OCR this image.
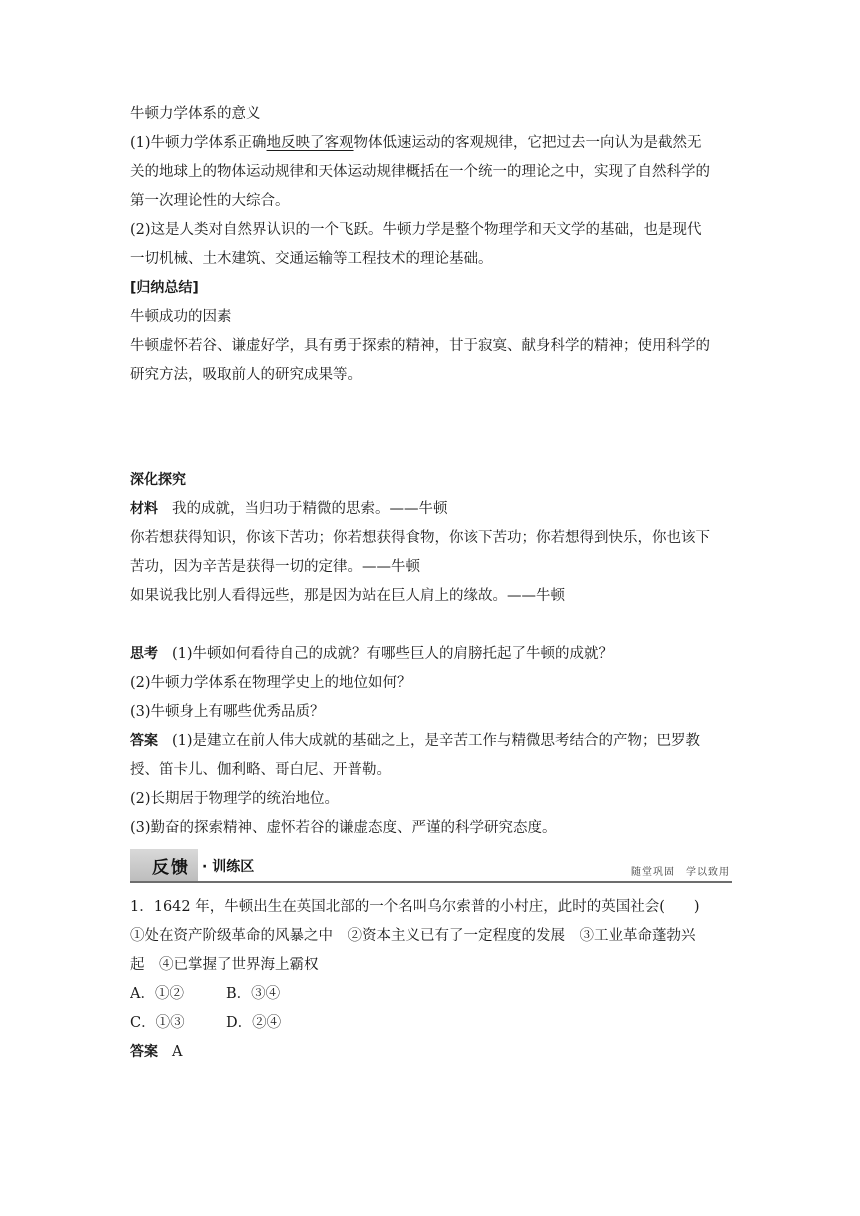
牛顿力学体系的意义
(1)牛顿力学体系正确地反映了客观物体低速运动的客观规律，它把过去一向认为是截然无
关的地球上的物体运动规律和天体运动规律概括在一个统一的理论之中，实现了自然科学的
第一次理论性的大综合。
(2)这是人类对自然界认识的一个飞跃。牛顿力学是整个物理学和天文学的基础，也是现代
一切机械、土木建筑、交通运输等工程技术的理论基础。
[归纳总结]
牛顿成功的因素
牛顿虚怀若谷、谦虚好学，具有勇于探索的精神，甘于寂寞、献身科学的精神；使用科学的
研究方法，吸取前人的研究成果等。
深化探究
材料 我的成就，当归功于精微的思索。——牛顿
你若想获得知识，你该下苦功；你若想获得食物，你该下苦功；你若想得到快乐，你也该下
苦功，因为辛苦是获得一切的定律。——牛顿
如果说我比别人看得远些，那是因为站在巨人肩上的缘故。——牛顿
思考 (1)牛顿如何看待自己的成就？有哪些巨人的肩膀托起了牛顿的成就？
(2)牛顿力学体系在物理学史上的地位如何？
(3)牛顿身上有哪些优秀品质？
答案 (1)是建立在前人伟大成就的基础之上，是辛苦工作与精微思考结合的产物；巴罗教
授、笛卡儿、伽利略、哥白尼、开普勒。
(2)长期居于物理学的统治地位。
(3)勤奋的探索精神、虚怀若谷的谦虚态度、严谨的科学研究态度。
反馈 · 训练区	随堂巩固　学以致用
1．1642 年，牛顿出生在英国北部的一个名叫乌尔索普的小村庄，此时的英国社会(　　)
①处在资产阶级革命的风暴之中　②资本主义已有了一定程度的发展　③工业革命蓬勃兴
起　④已掌握了世界海上霸权
A．①②	B．③④
C．①③	D．②④
答案 A
